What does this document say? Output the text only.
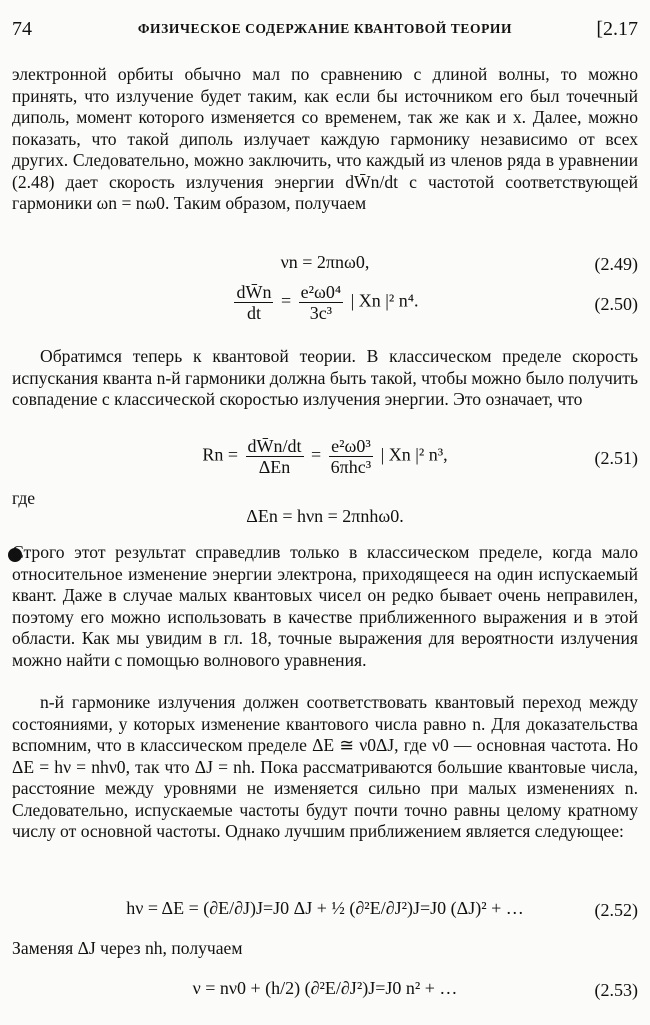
74	ФИЗИЧЕСКОЕ СОДЕРЖАНИЕ КВАНТОВОЙ ТЕОРИИ	[2.17
электронной орбиты обычно мал по сравнению с длиной волны, то можно принять, что излучение будет таким, как если бы источником его был точечный диполь, момент которого изменяется со временем, так же как и x. Далее, можно показать, что такой диполь излучает каждую гармонику независимо от всех других. Следовательно, можно заключить, что каждый из членов ряда в уравнении (2.48) дает скорость излучения энергии dW̄n/dt с частотой соответствующей гармоники ωn = nω0. Таким образом, получаем
νn = 2πnω0,	(2.49)
$\frac{dW̄n}{dt} = \frac{\text{e²ω0⁴}}{\text{3c³}}$ | Xn |² n⁴.	(2.50)
Обратимся теперь к квантовой теории. В классическом пределе скорость испускания кванта n-й гармоники должна быть такой, чтобы можно было получить совпадение с классической скоростью излучения энергии. Это означает, что
$Rn = \frac{dW̄n/dt}{\text{ΔEn}} = \frac{\text{e²ω0³}}{\text{6πhc³}}$ | Xn |² n³,	(2.51)
где
ΔEn = hνn = 2πnhω0.
Строго этот результат справедлив только в классическом пределе, когда мало относительное изменение энергии электрона, приходящееся на один испускаемый квант. Даже в случае малых квантовых чисел он редко бывает очень неправилен, поэтому его можно использовать в качестве приближенного выражения и в этой области. Как мы увидим в гл. 18, точные выражения для вероятности излучения можно найти с помощью волнового уравнения.
n-й гармонике излучения должен соответствовать квантовый переход между состояниями, у которых изменение квантового числа равно n. Для доказательства вспомним, что в классическом пределе ΔE ≅ ν0ΔJ, где ν0 — основная частота. Но ΔE = hν = nhν0, так что ΔJ = nh. Пока рассматриваются большие квантовые числа, расстояние между уровнями не изменяется сильно при малых изменениях n. Следовательно, испускаемые частоты будут почти точно равны целому кратному числу от основной частоты. Однако лучшим приближением является следующее:
hν = ΔE = (∂E/∂J)J=J0 ΔJ + ½ (∂²E/∂J²)J=J0 (ΔJ)² + …	(2.52)
Заменяя ΔJ через nh, получаем
ν = nν0 + (h/2) (∂²E/∂J²)J=J0 n² + …	(2.53)
